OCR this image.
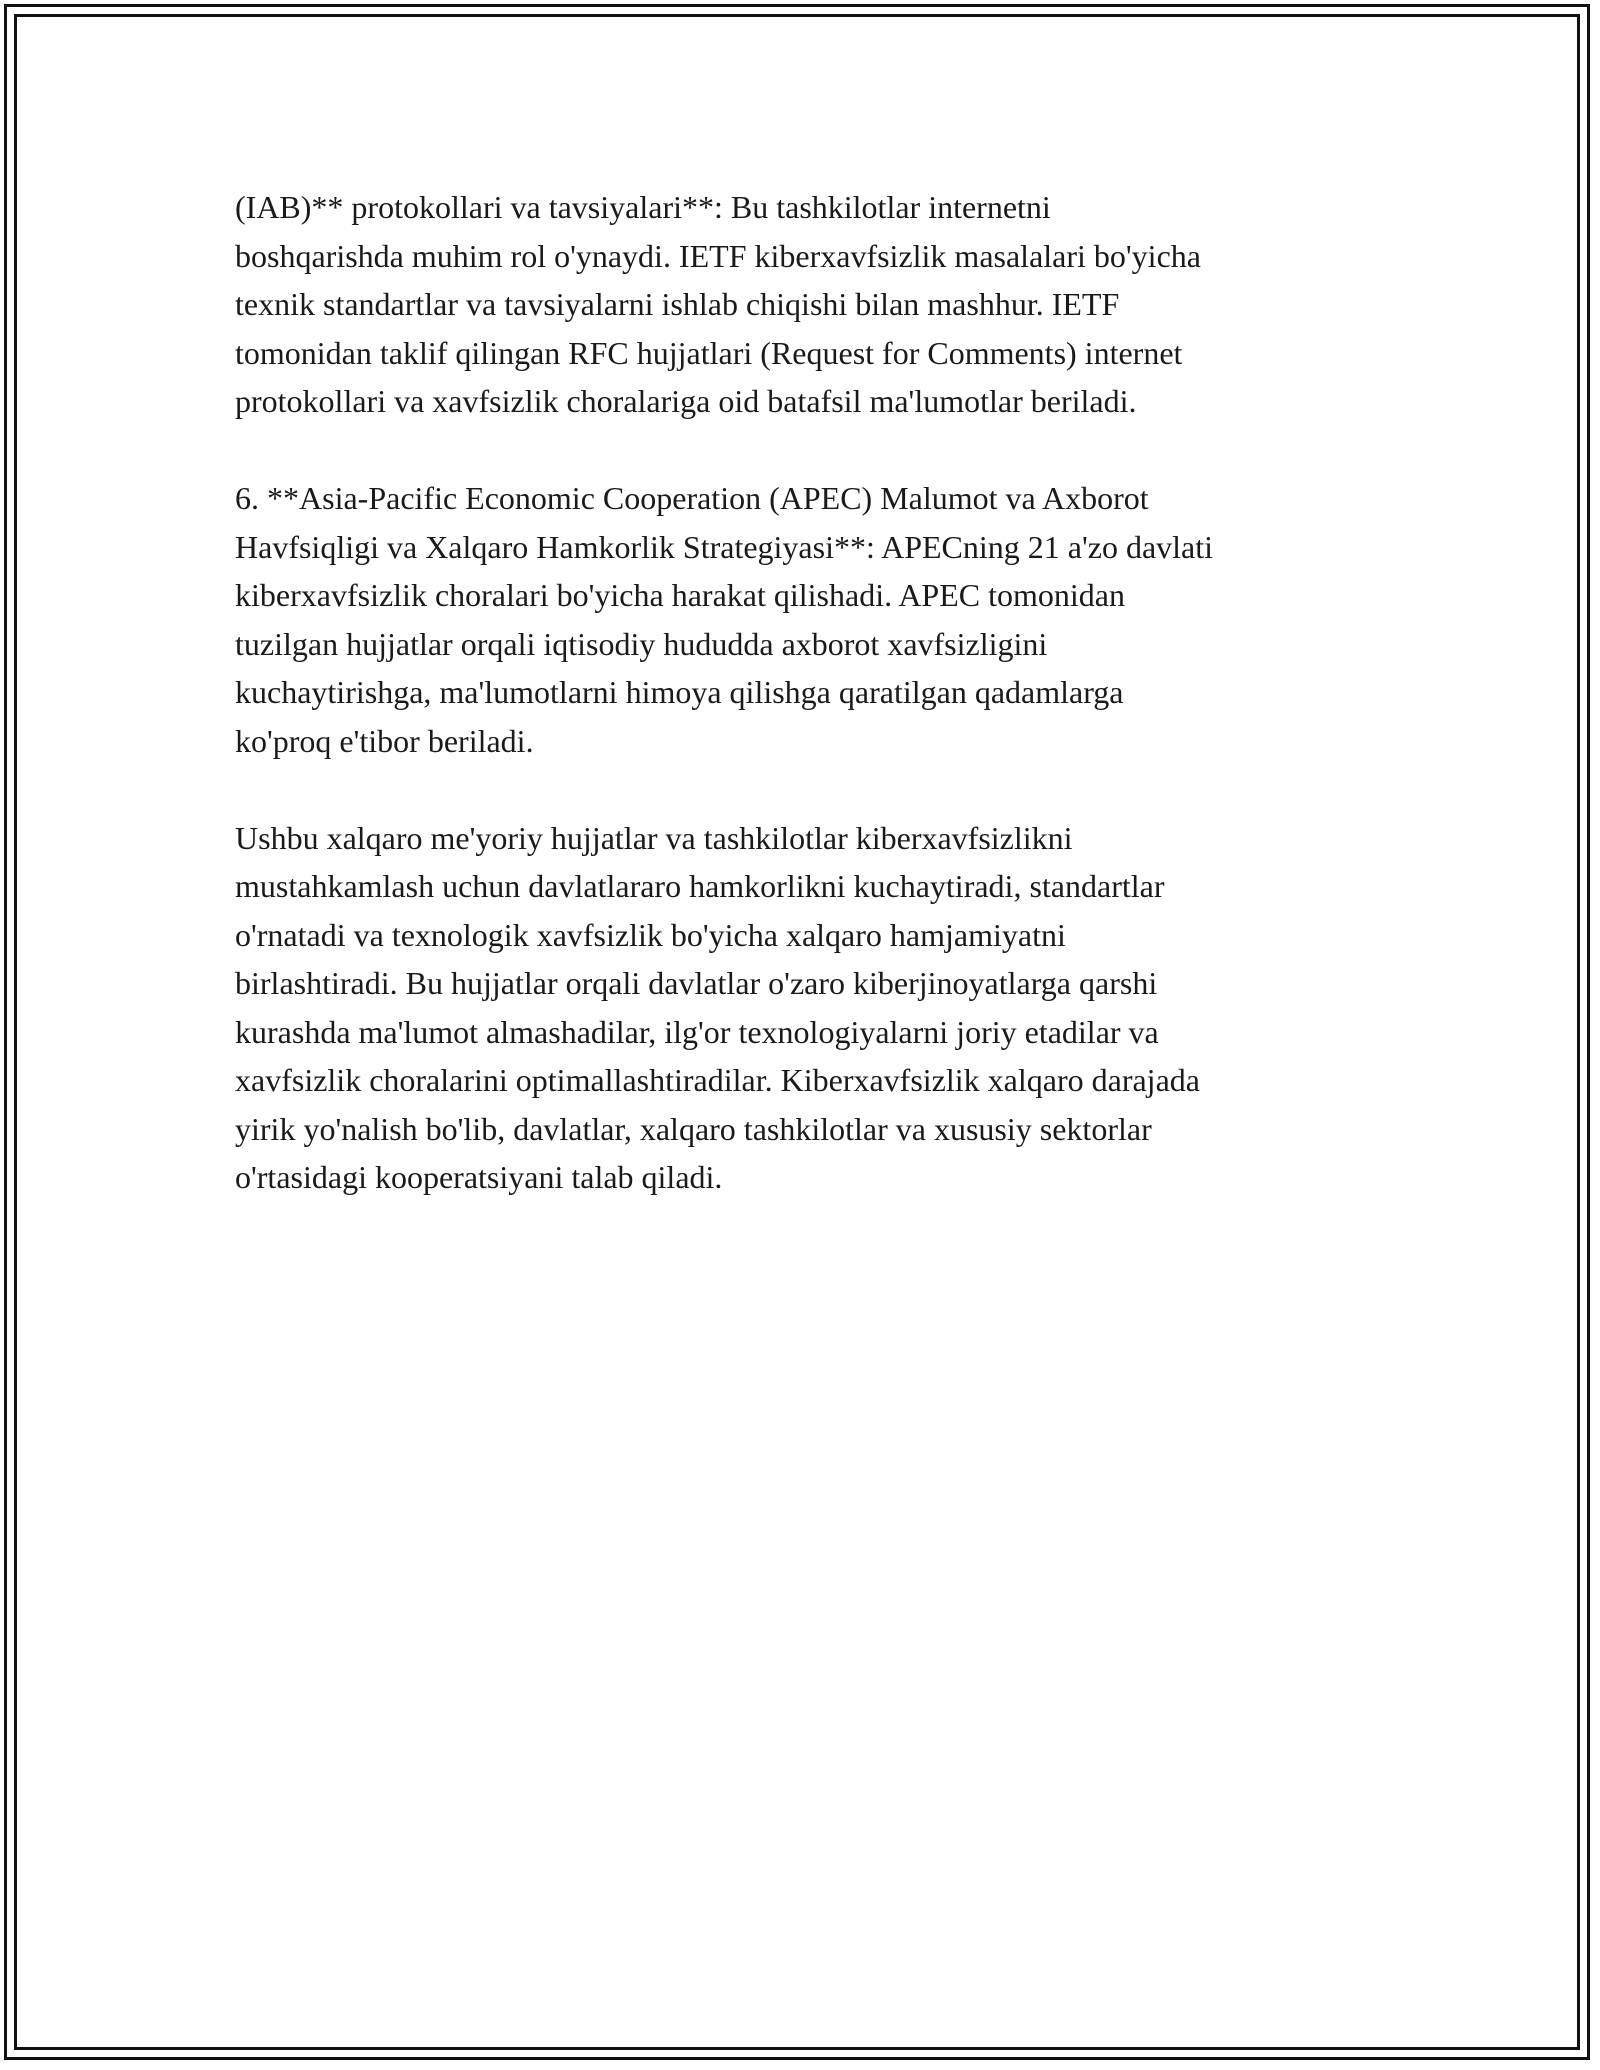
(IAB)** protokollari va tavsiyalari**: Bu tashkilotlar internetni
boshqarishda muhim rol o'ynaydi. IETF kiberxavfsizlik masalalari bo'yicha
texnik standartlar va tavsiyalarni ishlab chiqishi bilan mashhur. IETF
tomonidan taklif qilingan RFC hujjatlari (Request for Comments) internet
protokollari va xavfsizlik choralariga oid batafsil ma'lumotlar beriladi.

6. **Asia-Pacific Economic Cooperation (APEC) Malumot va Axborot
Havfsiqligi va Xalqaro Hamkorlik Strategiyasi**: APECning 21 a'zo davlati
kiberxavfsizlik choralari bo'yicha harakat qilishadi. APEC tomonidan
tuzilgan hujjatlar orqali iqtisodiy hududda axborot xavfsizligini
kuchaytirishga, ma'lumotlarni himoya qilishga qaratilgan qadamlarga
ko'proq e'tibor beriladi.

Ushbu xalqaro me'yoriy hujjatlar va tashkilotlar kiberxavfsizlikni
mustahkamlash uchun davlatlararo hamkorlikni kuchaytiradi, standartlar
o'rnatadi va texnologik xavfsizlik bo'yicha xalqaro hamjamiyatni
birlashtiradi. Bu hujjatlar orqali davlatlar o'zaro kiberjinoyatlarga qarshi
kurashda ma'lumot almashadilar, ilg'or texnologiyalarni joriy etadilar va
xavfsizlik choralarini optimallashtiradilar. Kiberxavfsizlik xalqaro darajada
yirik yo'nalish bo'lib, davlatlar, xalqaro tashkilotlar va xususiy sektorlar
o'rtasidagi kooperatsiyani talab qiladi.
